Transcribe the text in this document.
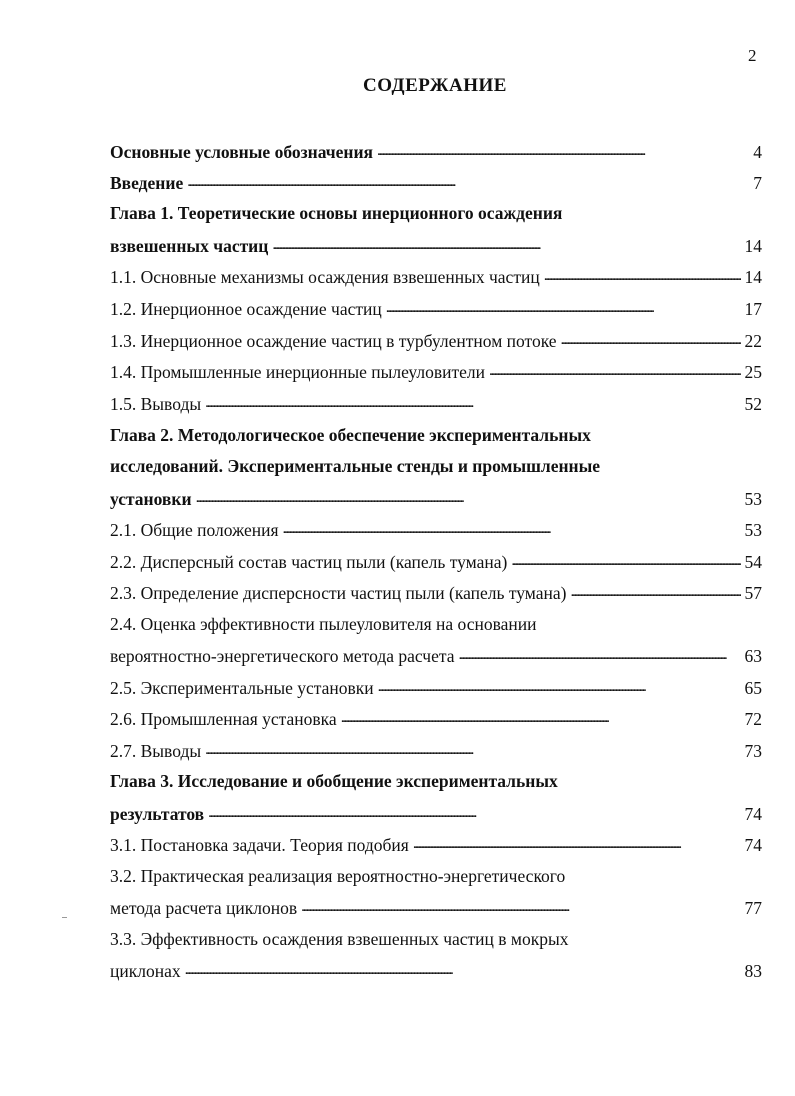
2
СОДЕРЖАНИЕ
Основные условные обозначения . . .	4
Введение . . .	7
Глава 1. Теоретические основы инерционного осаждения
взвешенных частиц . . .	14
1.1. Основные механизмы осаждения взвешенных частиц . . .	14
1.2. Инерционное осаждение частиц . . .	17
1.3. Инерционное осаждение частиц в турбулентном потоке . . .	22
1.4. Промышленные инерционные пылеуловители . . .	25
1.5. Выводы . . .	52
Глава 2. Методологическое обеспечение экспериментальных
исследований. Экспериментальные стенды и промышленные
установки . . .	53
2.1. Общие положения . . .	53
2.2. Дисперсный состав частиц пыли (капель тумана) . . .	54
2.3. Определение дисперсности частиц пыли (капель тумана) . . .	57
2.4. Оценка эффективности пылеуловителя на основании
вероятностно-энергетического метода расчета . . .	63
2.5. Экспериментальные установки . . .	65
2.6. Промышленная установка . . .	72
2.7. Выводы . . .	73
Глава 3. Исследование и обобщение экспериментальных
результатов . . .	74
3.1. Постановка задачи. Теория подобия . . .	74
3.2. Практическая реализация вероятностно-энергетического
метода расчета циклонов . . .	77
3.3. Эффективность осаждения взвешенных частиц в мокрых
циклонах . . .	83
